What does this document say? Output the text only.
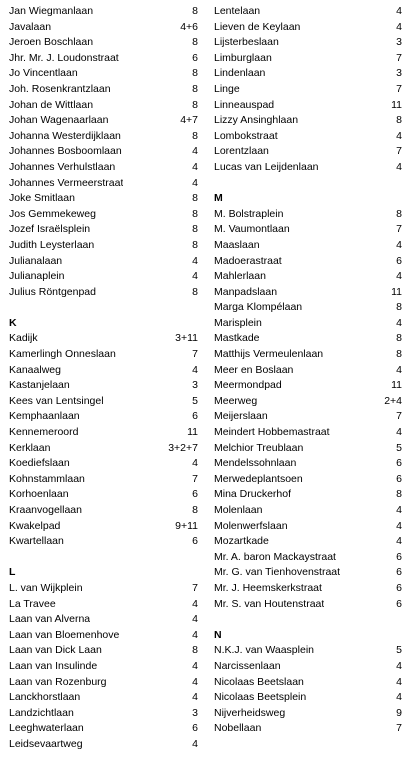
Jan Wiegmanlaan	8
Javalaan	4+6
Jeroen Boschlaan	8
Jhr. Mr. J. Loudonstraat	6
Jo Vincentlaan	8
Joh. Rosenkrantzlaan	8
Johan de Wittlaan	8
Johan Wagenaarlaan	4+7
Johanna Westerdijklaan	8
Johannes Bosboomlaan	4
Johannes Verhulstlaan	4
Johannes Vermeerstraat	4
Joke Smitlaan	8
Jos Gemmekeweg	8
Jozef Israëlsplein	8
Judith Leysterlaan	8
Julianalaan	4
Julianaplein	4
Julius Röntgenpad	8
K
Kadijk	3+11
Kamerlingh Onneslaan	7
Kanaalweg	4
Kastanjelaan	3
Kees van Lentsingel	5
Kemphaanlaan	6
Kennemeroord	11
Kerklaan	3+2+7
Koediefslaan	4
Kohnstammlaan	7
Korhoenlaan	6
Kraanvogellaan	8
Kwakelpad	9+11
Kwartellaan	6
L
L. van Wijkplein	7
La Travee	4
Laan van Alverna	4
Laan van Bloemenhove	4
Laan van Dick Laan	8
Laan van Insulinde	4
Laan van Rozenburg	4
Lanckhorstlaan	4
Landzichtlaan	3
Leeghwaterlaan	6
Leidsevaartweg	4
Lentelaan	4
Lieven de Keylaan	4
Lijsterbeslaan	3
Limburglaan	7
Lindenlaan	3
Linge	7
Linneauspad	11
Lizzy Ansinghlaan	8
Lombokstraat	4
Lorentzlaan	7
Lucas van Leijdenlaan	4
M
M. Bolstraplein	8
M. Vaumontlaan	7
Maaslaan	4
Madoerastraat	6
Mahlerlaan	4
Manpadslaan	11
Marga Klompélaan	8
Marisplein	4
Mastkade	8
Matthijs Vermeulenlaan	8
Meer en Boslaan	4
Meermondpad	11
Meerweg	2+4
Meijerslaan	7
Meindert Hobbemastraat	4
Melchior Treublaan	5
Mendelssohnlaan	6
Merwedeplantsoen	6
Mina Druckerhof	8
Molenlaan	4
Molenwerfslaan	4
Mozartkade	4
Mr. A. baron Mackaystraat	6
Mr. G. van Tienhovenstraat	6
Mr. J. Heemskerkstraat	6
Mr. S. van Houtenstraat	6
N
N.K.J. van Waasplein	5
Narcissenlaan	4
Nicolaas Beetslaan	4
Nicolaas Beetsplein	4
Nijverheidsweg	9
Nobellaan	7
